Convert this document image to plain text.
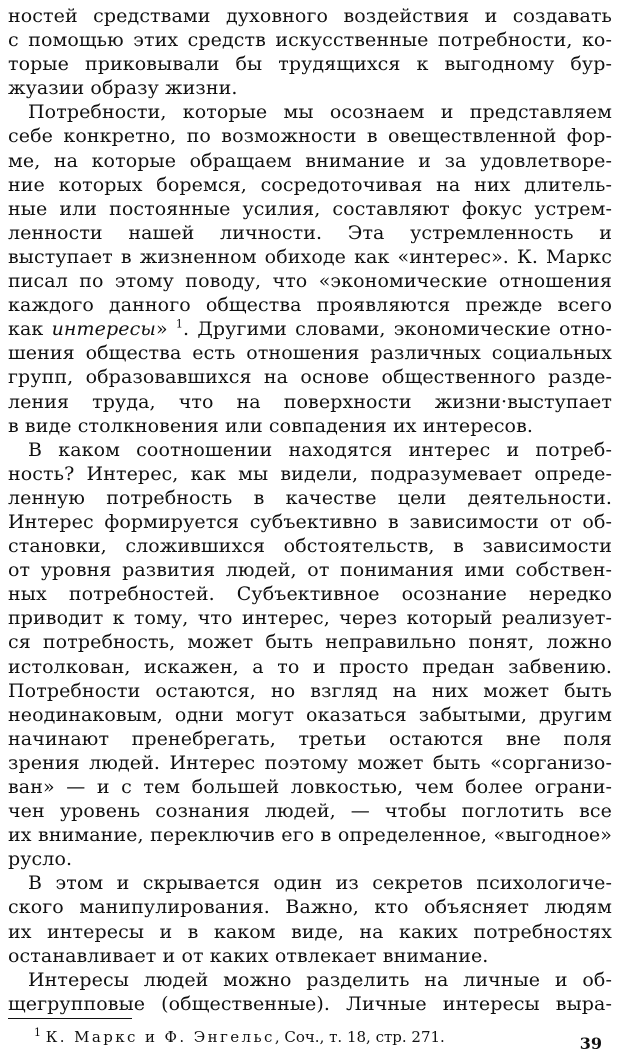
ностей средствами духовного воздействия и создавать
с помощью этих средств искусственные потребности, ко-
торые приковывали бы трудящихся к выгодному бур-
жуазии образу жизни.
Потребности, которые мы осознаем и представляем
себе конкретно, по возможности в овеществленной фор-
ме, на которые обращаем внимание и за удовлетворе-
ние которых боремся, сосредоточивая на них длитель-
ные или постоянные усилия, составляют фокус устрем-
ленности нашей личности. Эта устремленность и
выступает в жизненном обиходе как «интерес». К. Маркс
писал по этому поводу, что «экономические отношения
каждого данного общества проявляются прежде всего
как интересы» $^1$. Другими словами, экономические отно-
шения общества есть отношения различных социальных
групп, образовавшихся на основе общественного разде-
ления труда, что на поверхности жизни·выступает
в виде столкновения или совпадения их интересов.
В каком соотношении находятся интерес и потреб-
ность? Интерес, как мы видели, подразумевает опреде-
ленную потребность в качестве цели деятельности.
Интерес формируется субъективно в зависимости от об-
становки, сложившихся обстоятельств, в зависимости
от уровня развития людей, от понимания ими собствен-
ных потребностей. Субъективное осознание нередко
приводит к тому, что интерес, через который реализует-
ся потребность, может быть неправильно понят, ложно
истолкован, искажен, а то и просто предан забвению.
Потребности остаются, но взгляд на них может быть
неодинаковым, одни могут оказаться забытыми, другим
начинают пренебрегать, третьи остаются вне поля
зрения людей. Интерес поэтому может быть «сорганизо-
ван» — и с тем большей ловкостью, чем более ограни-
чен уровень сознания людей, — чтобы поглотить все
их внимание, переключив его в определенное, «выгодное»
русло.
В этом и скрывается один из секретов психологиче-
ского манипулирования. Важно, кто объясняет людям
их интересы и в каком виде, на каких потребностях
останавливает и от каких отвлекает внимание.
Интересы людей можно разделить на личные и об-
щегрупповые (общественные). Личные интересы выра-
$^1$ К. Маркс и Ф. Энгельс, Соч., т. 18, стр. 271.	39
